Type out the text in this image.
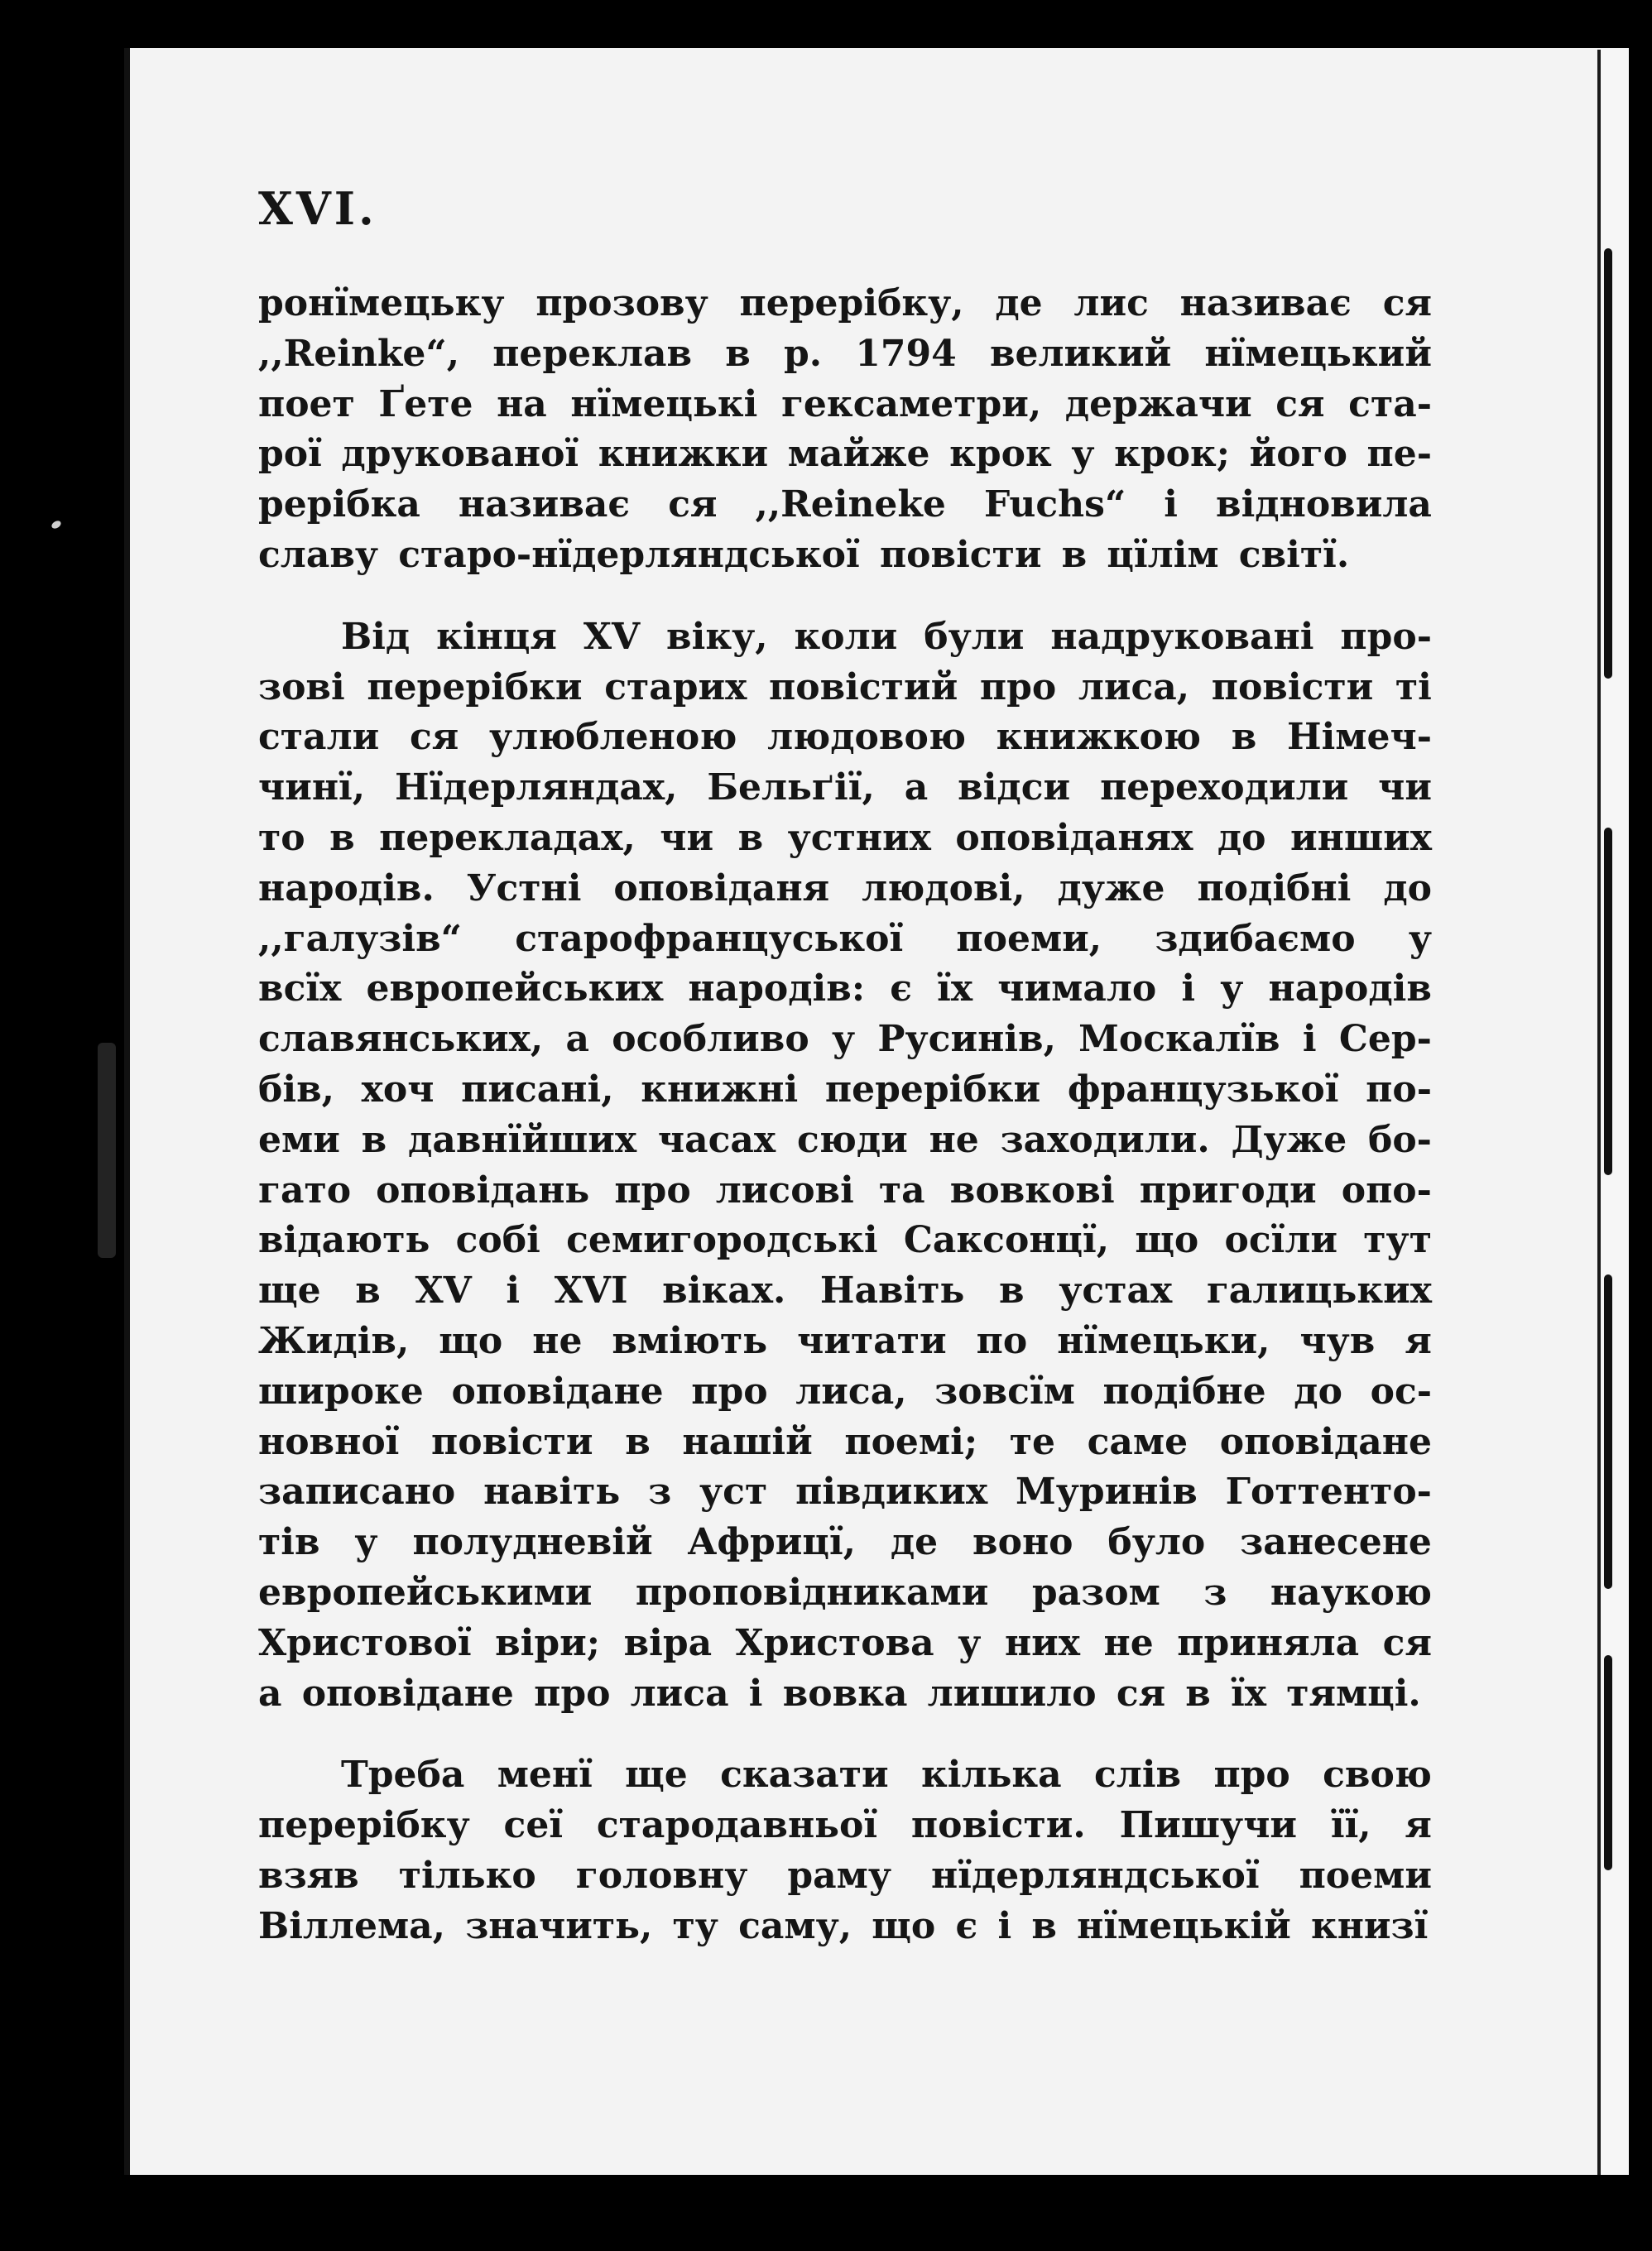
XVI.
ронїмецьку прозову перерібку, де лис називає ся
,,Reinke“, переклав в р. 1794 великий нїмецький
поет Ґете на нїмецькі гексаметри, держачи ся ста-
рої друкованої книжки майже крок у крок; його пе-
рерібка називає ся ,,Reineke Fuchs“ і відновила
славу старо-нїдерляндської повісти в цїлім світї.
Від кінця XV віку, коли були надруковані про-
зові перерібки старих повістий про лиса, повісти ті
стали ся улюбленою людовою книжкою в Німеч-
чинї, Нїдерляндах, Бельґії, а відси переходили чи
то в перекладах, чи в устних оповіданях до инших
народів. Устні оповіданя людові, дуже подібні до
,,галузів“ старофранцуської поеми, здибаємо у
всїх европейських народів: є їх чимало і у народів
славянських, а особливо у Русинів, Москалїв і Сер-
бів, хоч писані, книжні перерібки французької по-
еми в давнїйших часах сюди не заходили. Дуже бо-
гато оповідань про лисові та вовкові пригоди опо-
відають собі семигородські Саксонцї, що осїли тут
ще в XV і XVI віках. Навіть в устах галицьких
Жидів, що не вміють читати по нїмецьки, чув я
широке оповідане про лиса, зовсїм подібне до ос-
новної повісти в нашій поемі; те саме оповідане
записано навіть з уст півдиких Муринів Готтенто-
тів у полудневій Африцї, де воно було занесене
европейськими проповідниками разом з наукою
Христової віри; віра Христова у них не приняла ся
а оповідане про лиса і вовка лишило ся в їх тямці.
Треба менї ще сказати кілька слів про свою
перерібку сеї стародавньої повісти. Пишучи її, я
взяв тілько головну раму нїдерляндської поеми
Віллема, значить, ту саму, що є і в нїмецькій книзї
